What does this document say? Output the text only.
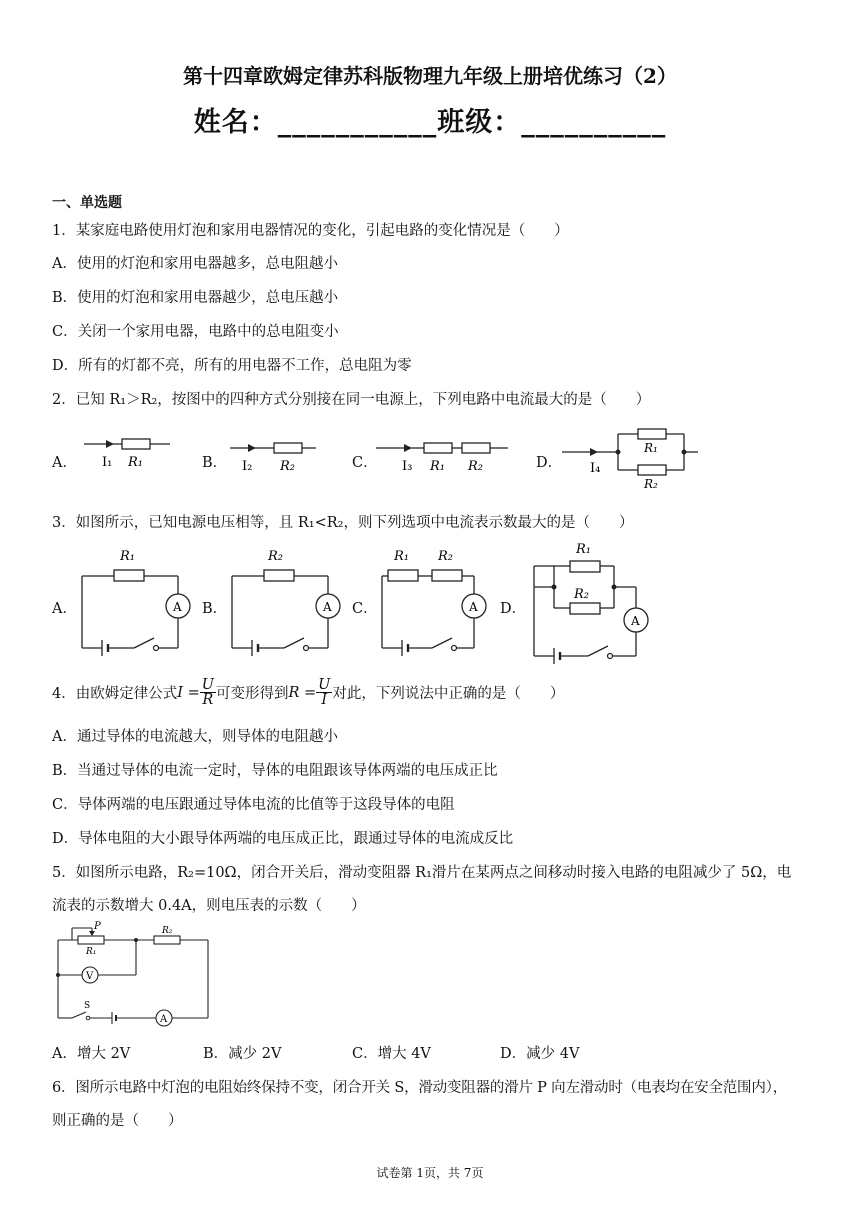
第十四章欧姆定律苏科版物理九年级上册培优练习（2）
姓名：___________班级：__________
一、单选题
1．某家庭电路使用灯泡和家用电器情况的变化，引起电路的变化情况是（　　）
A．使用的灯泡和家用电器越多，总电阻越小
B．使用的灯泡和家用电器越少，总电压越小
C．关闭一个家用电器，电路中的总电阻变小
D．所有的灯都不亮，所有的用电器不工作，总电阻为零
2．已知 R₁＞R₂，按图中的四种方式分别接在同一电源上，下列电路中电流最大的是（　　）
A．	B．	C．	D．
I₁ R₁	I₂ R₂	I₃ R₁ R₂	I₄
R₁
R₂
3．如图所示，已知电源电压相等，且 R₁<R₂，则下列选项中电流表示数最大的是（　　）
A．	B．	C．	D．
R₁
A
R₂
A
R₁ R₂
A
R₁
R₂
A
4．由欧姆定律公式 $I = \frac{U}{R}$ 可变形得到 $R = \frac{U}{I}$ 对此，下列说法中正确的是（　　）
A．通过导体的电流越大，则导体的电阻越小
B．当通过导体的电流一定时，导体的电阻跟该导体两端的电压成正比
C．导体两端的电压跟通过导体电流的比值等于这段导体的电阻
D．导体电阻的大小跟导体两端的电压成正比，跟通过导体的电流成反比
5．如图所示电路，R₂=10Ω，闭合开关后，滑动变阻器 R₁滑片在某两点之间移动时接入电路的电阻减少了 5Ω，电
流表的示数增大 0.4A，则电压表的示数（　　）
P
R₁
R₂
V
A
S
A．增大 2V	B．减少 2V	C．增大 4V	D．减少 4V
6．图所示电路中灯泡的电阻始终保持不变，闭合开关 S，滑动变阻器的滑片 P 向左滑动时（电表均在安全范围内），
则正确的是（　　）
试卷第 1页，共 7页
